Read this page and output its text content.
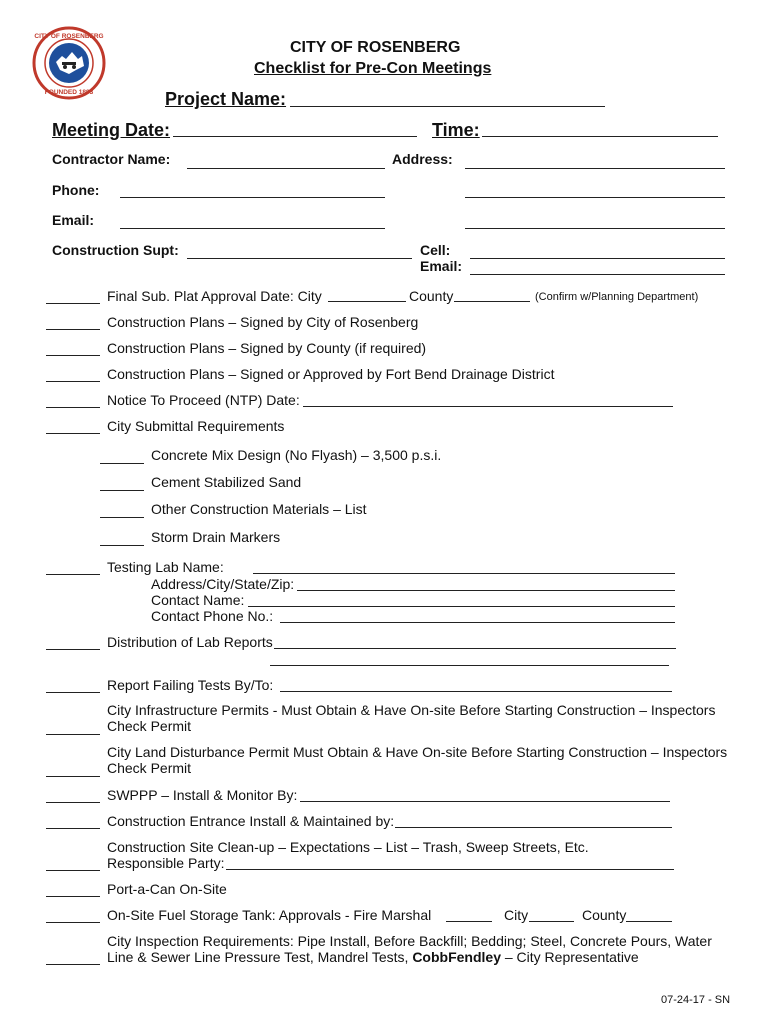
CITY OF ROSENBERG
FOUNDED 1893
CITY OF ROSENBERG
Checklist for Pre-Con Meetings
Project Name:
Meeting Date:	Time:
Contractor Name:	Address:
Phone:
Email:
Construction Supt:	Cell:
Email:
Final Sub. Plat Approval Date: City	County	(Confirm w/Planning Department)
Construction Plans – Signed by City of Rosenberg
Construction Plans – Signed by County (if required)
Construction Plans – Signed or Approved by Fort Bend Drainage District
Notice To Proceed (NTP) Date:
City Submittal Requirements
Concrete Mix Design (No Flyash) – 3,500 p.s.i.
Cement Stabilized Sand
Other Construction Materials – List
Storm Drain Markers
Testing Lab Name:
Address/City/State/Zip:
Contact Name:
Contact Phone No.:
Distribution of Lab Reports
Report Failing Tests By/To:
City Infrastructure Permits - Must Obtain & Have On-site Before Starting Construction – Inspectors
Check Permit
City Land Disturbance Permit Must Obtain & Have On-site Before Starting Construction – Inspectors
Check Permit
SWPPP – Install & Monitor By:
Construction Entrance Install & Maintained by:
Construction Site Clean-up – Expectations – List – Trash, Sweep Streets, Etc.
Responsible Party:
Port-a-Can On-Site
On-Site Fuel Storage Tank: Approvals - Fire Marshal	City	County
City Inspection Requirements: Pipe Install, Before Backfill; Bedding; Steel, Concrete Pours, Water
Line & Sewer Line Pressure Test, Mandrel Tests, CobbFendley – City Representative
07-24-17 - SN
